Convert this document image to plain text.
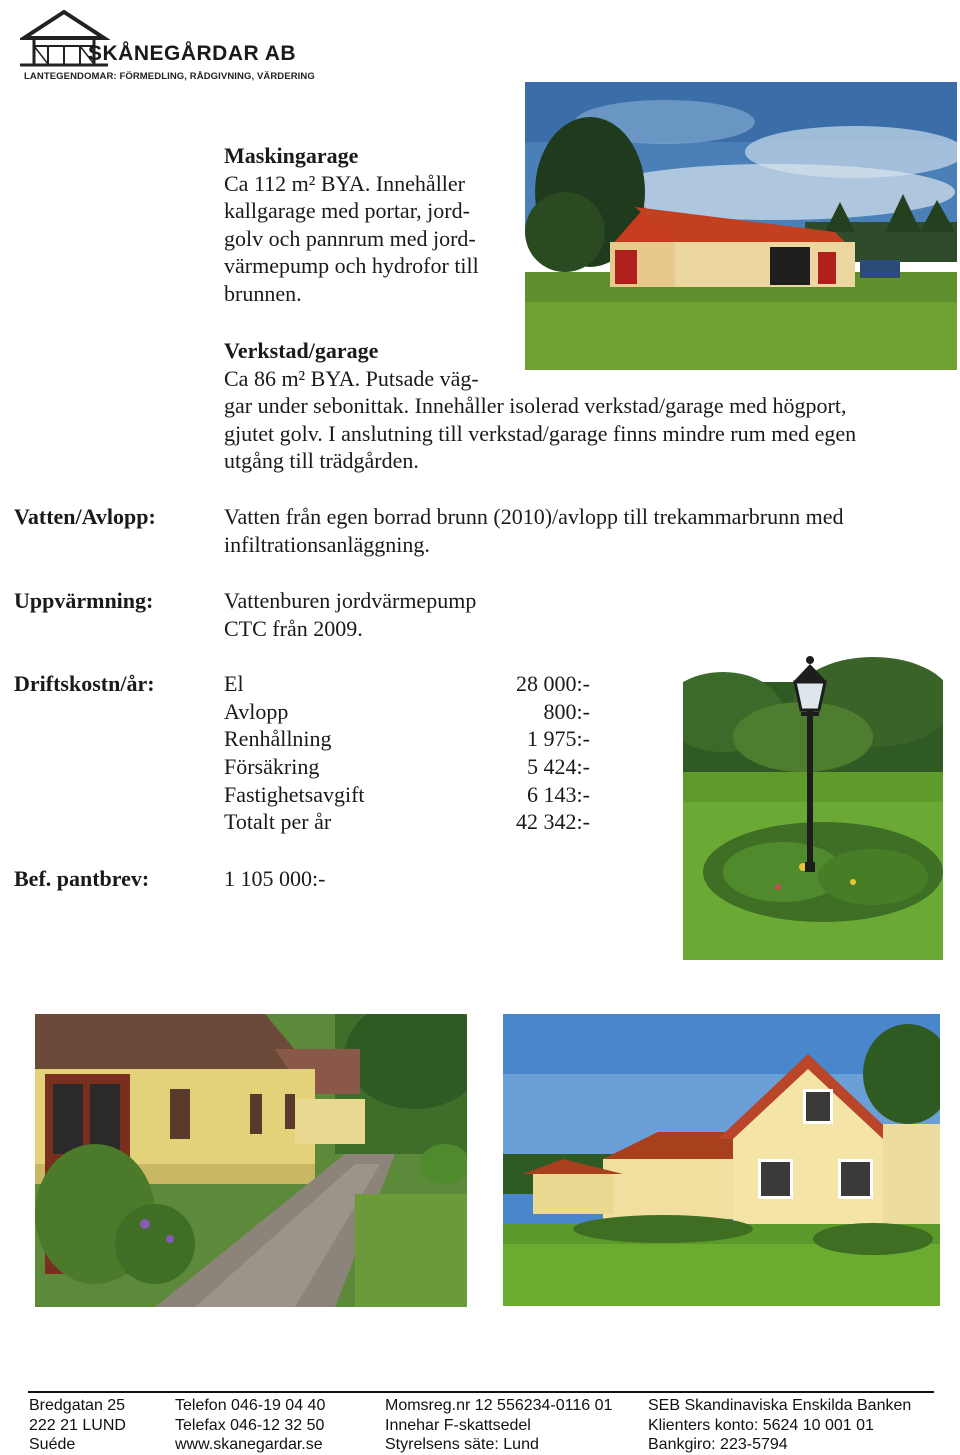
SKÅNEGÅRDAR AB
LANTEGENDOMAR: FÖRMEDLING, RÅDGIVNING, VÄRDERING
Maskingarage
Ca 112 m² BYA. Innehåller
kallgarage med portar, jord-
golv och pannrum med jord-
värmepump och hydrofor till
brunnen.
Verkstad/garage
Ca 86 m² BYA. Putsade väg-
gar under sebonittak. Innehåller isolerad verkstad/garage med högport,
gjutet golv. I anslutning till verkstad/garage finns mindre rum med egen
utgång till trädgården.
Vatten/Avlopp:	Vatten från egen borrad brunn (2010)/avlopp till trekammarbrunn med
infiltrationsanläggning.
Uppvärmning:	Vattenburen jordvärmepump
CTC från 2009.
Driftskostn/år:	El	28 000:-
Avlopp	800:-
Renhållning	1 975:-
Försäkring	5 424:-
Fastighetsavgift	6 143:-
Totalt per år	42 342:-
Bef. pantbrev:	1 105 000:-
Bredgatan 25
222 21 LUND
Suéde
Telefon 046-19 04 40
Telefax 046-12 32 50
www.skanegardar.se
Momsreg.nr 12 556234-0116 01
Innehar F-skattsedel
Styrelsens säte: Lund
SEB Skandinaviska Enskilda Banken
Klienters konto: 5624 10 001 01
Bankgiro: 223-5794
